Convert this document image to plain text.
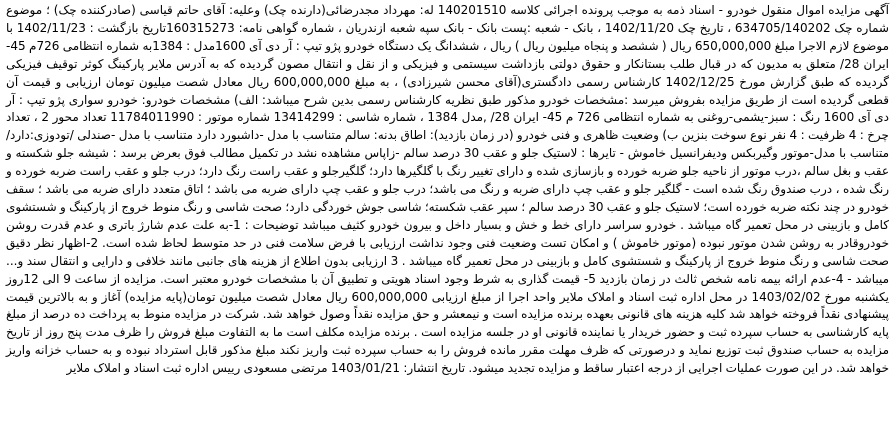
آگهی مزایده اموال منقول خودرو - اسناد ذمه به موجب پرونده اجرائی کلاسه 140201510 له: مهرداد مجدرضائی(دارنده چک) وعلیه: آقای حاتم قیاسی (صادرکننده چک) ؛ موضوع شماره چک 634705/140202 ، تاریخ چک 1402/11/20 ، بانک - شعبه :پست بانک - بانک سپه شعبه ازندریان ، شماره گواهی نامه: 160315273تاریخ بازگشت : 1402/11/23 با موضوع لازم الاجرا مبلغ 650,000,000 ریال ( ششصد و پنجاه میلیون ریال ) ریال ، ششدانگ یک دستگاه خودرو پژو تیپ : آر دی آی 1600مدل : 1384به شماره انتظامی 726م 45- ایران 28/ متعلق به مدیون که در قبال طلب بستانکار و حقوق دولتی بازداشت سیستمی و فیزیکی و از نقل و انتقال مصون گردیده که به آدرس ملایر پارکینگ کوثر توقیف فیزیکی گردیده که طبق گزارش مورخ 1402/12/25 کارشناس رسمی دادگستری(آقای محسن شیرزادی) ، به مبلغ 600,000,000 ریال معادل شصت میلیون تومان ارزیابی و قیمت آن قطعی گردیده است از طریق مزایده بفروش میرسد :مشخصات خودرو مذکور طبق نظریه کارشناس رسمی بدین شرح میباشد: الف) مشخصات خودرو: خودرو سواری پژو تیپ : آر دی آی 1600 رنگ : سبز-یشمی-روغنی به شماره انتظامی 726 م 45- ایران 28/ ,مدل 1384 ، شماره شاسی : 13414299 شماره موتور : 11784011990 تعداد محور 2 ، تعداد چرخ : 4 ظرفیت : 4 نفر نوع سوخت بنزین ب) وضعیت ظاهری و فنی خودرو (در زمان بازدید): اطاق بدنه: سالم متناسب با مدل -داشبورد دارد متناسب با مدل -صندلی /تودوزی:دارد/ متناسب با مدل-موتور وگیربکس ودیفرانسیل خاموش - تایرها : لاستیک جلو و عقب 30 درصد سالم -زاپاس مشاهده نشد در تکمیل مطالب فوق بعرض برسد : شیشه جلو شکسته و عقب و بغل سالم ،درب موتور از ناحیه جلو ضربه خورده و بازسازی شده و دارای تغییر رنگ با گلگیرها دارد؛ گلگیرجلو و عقب راست رنگ دارد؛ درب جلو و عقب راست ضربه خورده و رنگ شده ، درب صندوق رنگ شده است - گلگیر جلو و عقب چپ دارای ضربه و رنگ می باشد؛ درب جلو و عقب چپ دارای ضربه می باشد ؛ اتاق متعدد دارای ضربه می باشد ؛ سقف خودرو در چند نکته ضربه خورده است؛ لاستیک جلو و عقب 30 درصد سالم ؛ سپر عقب شکسته؛ شاسی جوش خوردگی دارد؛ صحت شاسی و رنگ منوط خروج از پارکینگ و شستشوی کامل و بازبینی در محل تعمیر گاه میباشد . خودرو سراسر دارای خط و خش و بسیار داخل و بیرون خودرو کثیف میباشد توضیحات : 1-به علت عدم شارژ باتری و عدم قدرت روشن خودروقادر به روشن شدن موتور نبوده (موتور خاموش ) و امکان تست وضعیت فنی وجود نداشت ارزیابی با فرض سلامت فنی در حد متوسط لحاظ شده است. 2-اظهار نظر دقیق صحت شاسی و رنگ منوط خروج از پارکینگ و شستشوی کامل و بازبینی در محل تعمیر گاه میباشد . 3 ارزیابی بدون اطلاع از هزینه های جانبی مانند خلافی و دارایی و انتقال سند و... میباشد - 4-عدم ارائه بیمه نامه شخص ثالث در زمان بازدید 5- قیمت گذاری به شرط وجود اسناد هویتی و تطبیق آن با مشخصات خودرو معتبر است. مزایده از ساعت 9 الی 12روز یکشنبه مورخ 1403/02/02 در محل اداره ثبت اسناد و املاک ملایر واحد اجرا از مبلغ ارزیابی 600,000,000 ریال معادل شصت میلیون تومان(پایه مزایده) آغاز و به بالاترین قیمت پیشنهادی نقداً فروخته خواهد شد کلیه هزینه های قانونی بعهده برنده مزایده است و نیمعشر و حق مزایده نقداً وصول خواهد شد. شرکت در مزایده منوط به پرداخت ده درصد از مبلغ پایه کارشناسی به حساب سپرده ثبت و حضور خریدار یا نماینده قانونی او در جلسه مزایده است . برنده مزایده مکلف است ما به التفاوت مبلغ فروش را ظرف مدت پنج روز از تاریخ مزایده به حساب صندوق ثبت توزیع نماید و درصورتی که ظرف مهلت مقرر مانده فروش را به حساب سپرده ثبت واریز نکند مبلغ مذکور قابل استرداد نبوده و به حساب خزانه واریز خواهد شد. در این صورت عملیات اجرایی از درجه اعتبار ساقط و مزایده تجدید میشود. تاریخ انتشار: 1403/01/21 مرتضی مسعودی رییس اداره ثبت اسناد و املاک ملایر
